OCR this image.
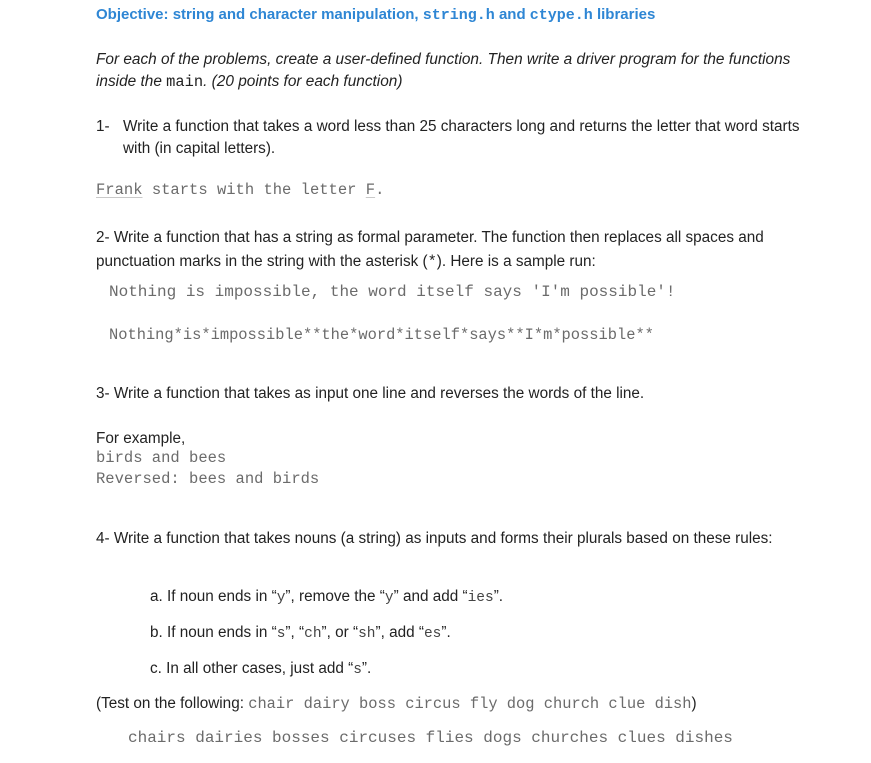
Objective: string and character manipulation, string.h and ctype.h libraries
For each of the problems, create a user-defined function. Then write a driver program for the functions inside the main. (20 points for each function)
1- Write a function that takes a word less than 25 characters long and returns the letter that word starts with (in capital letters).
Frank starts with the letter F.
2- Write a function that has a string as formal parameter. The function then replaces all spaces and punctuation marks in the string with the asterisk (*). Here is a sample run:
Nothing is impossible, the word itself says 'I'm possible'!
Nothing*is*impossible**the*word*itself*says**I*m*possible**
3- Write a function that takes as input one line and reverses the words of the line.
For example,
birds and bees
Reversed: bees and birds
4- Write a function that takes nouns (a string) as inputs and forms their plurals based on these rules:
a. If noun ends in “y”, remove the “y” and add “ies”.
b. If noun ends in “s”, “ch”, or “sh”, add “es”.
c. In all other cases, just add “s”.
(Test on the following: chair dairy boss circus fly dog church clue dish)
chairs dairies bosses circuses flies dogs churches clues dishes
